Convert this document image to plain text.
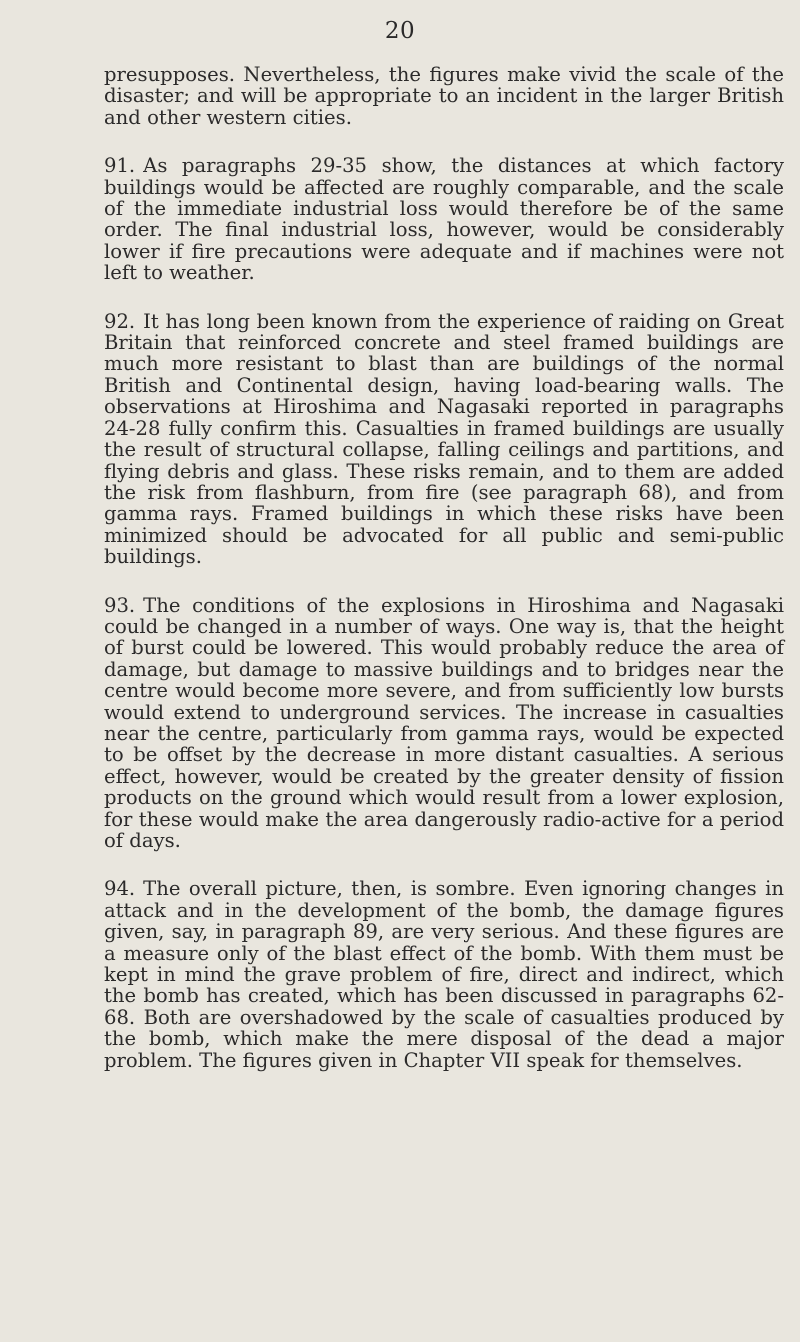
20

presupposes. Nevertheless, the figures make vivid the scale of the disaster; and will be appropriate to an incident in the larger British and other western cities.

91. As paragraphs 29-35 show, the distances at which factory buildings would be affected are roughly comparable, and the scale of the immediate industrial loss would therefore be of the same order. The final industrial loss, however, would be considerably lower if fire precautions were adequate and if machines were not left to weather.

92. It has long been known from the experience of raiding on Great Britain that reinforced concrete and steel framed buildings are much more resistant to blast than are buildings of the normal British and Continental design, having load-bearing walls. The observations at Hiroshima and Nagasaki reported in paragraphs 24-28 fully confirm this. Casualties in framed buildings are usually the result of structural collapse, falling ceilings and partitions, and flying debris and glass. These risks remain, and to them are added the risk from flashburn, from fire (see paragraph 68), and from gamma rays. Framed buildings in which these risks have been minimized should be advocated for all public and semi-public buildings.

93. The conditions of the explosions in Hiroshima and Nagasaki could be changed in a number of ways. One way is, that the height of burst could be lowered. This would probably reduce the area of damage, but damage to massive buildings and to bridges near the centre would become more severe, and from sufficiently low bursts would extend to underground services. The increase in casualties near the centre, particularly from gamma rays, would be expected to be offset by the decrease in more distant casualties. A serious effect, however, would be created by the greater density of fission products on the ground which would result from a lower explosion, for these would make the area dangerously radio-active for a period of days.

94. The overall picture, then, is sombre. Even ignoring changes in attack and in the development of the bomb, the damage figures given, say, in paragraph 89, are very serious. And these figures are a measure only of the blast effect of the bomb. With them must be kept in mind the grave problem of fire, direct and indirect, which the bomb has created, which has been discussed in paragraphs 62-68. Both are overshadowed by the scale of casualties produced by the bomb, which make the mere disposal of the dead a major problem. The figures given in Chapter VII speak for themselves.
